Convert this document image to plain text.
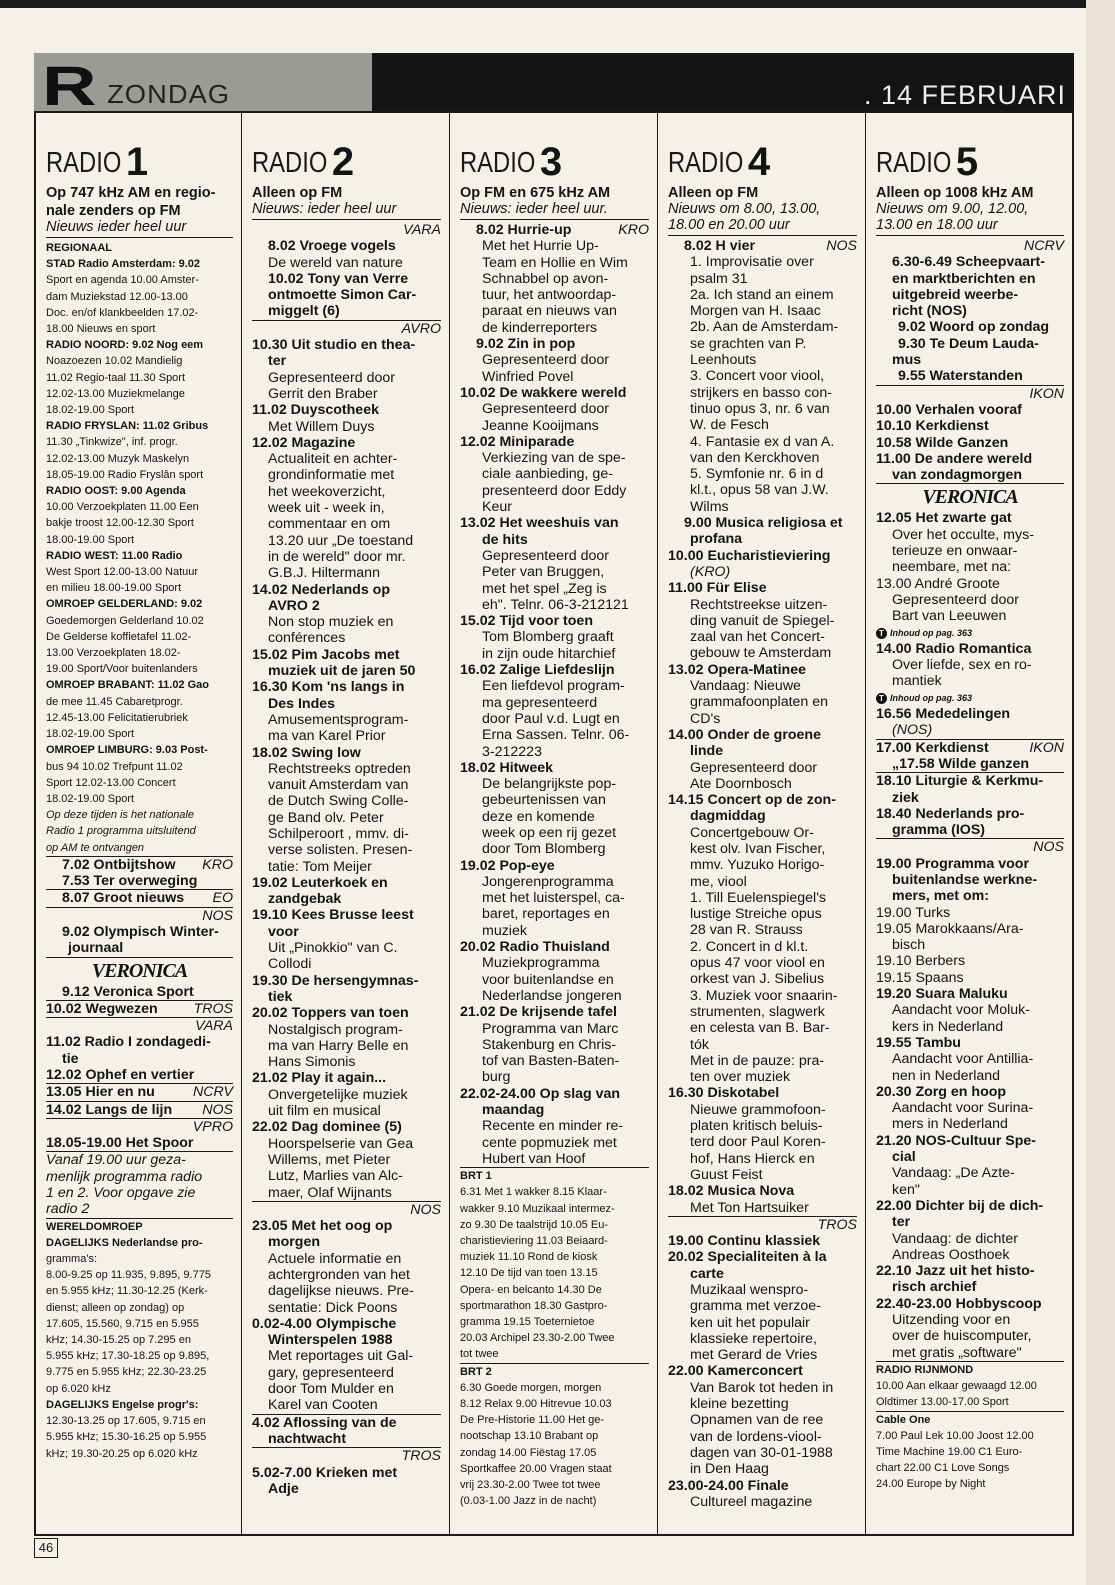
R ZONDAG	. 14 FEBRUARI
RADIO 1
Op 747 kHz AM en regio-
nale zenders op FM
Nieuws ieder heel uur
REGIONAAL
STAD Radio Amsterdam: 9.02
Sport en agenda 10.00 Amster-
dam Muziekstad 12.00-13.00
Doc. en/of klankbeelden 17.02-
18.00 Nieuws en sport
RADIO NOORD: 9.02 Nog eem
Noazoezen 10.02 Mandielig
11.02 Regio-taal 11.30 Sport
12.02-13.00 Muziekmelange
18.02-19.00 Sport
RADIO FRYSLAN: 11.02 Gribus
11.30 „Tinkwize", inf. progr.
12.02-13.00 Muzyk Maskelyn
18.05-19.00 Radio Fryslân sport
RADIO OOST: 9.00 Agenda
10.00 Verzoekplaten 11.00 Een
bakje troost 12.00-12.30 Sport
18.00-19.00 Sport
RADIO WEST: 11.00 Radio
West Sport 12.00-13.00 Natuur
en milieu 18.00-19.00 Sport
OMROEP GELDERLAND: 9.02
Goedemorgen Gelderland 10.02
De Gelderse koffietafel 11.02-
13.00 Verzoekplaten 18.02-
19.00 Sport/Voor buitenlanders
OMROEP BRABANT: 11.02 Gao
de mee 11.45 Cabaretprogr.
12.45-13.00 Felicitatierubriek
18.02-19.00 Sport
OMROEP LIMBURG: 9.03 Post-
bus 94 10.02 Trefpunt 11.02
Sport 12.02-13.00 Concert
18.02-19.00 Sport
Op deze tijden is het nationale
Radio 1 programma uitsluitend
op AM te ontvangen
7.02 Ontbijtshow KRO
7.53 Ter overweging
8.07 Groot nieuws EO
NOS
9.02 Olympisch Winter-
journaal
VERONICA
9.12 Veronica Sport
10.02 Wegwezen	TROS
VARA
11.02 Radio I zondagedi-
tie
12.02 Ophef en vertier
13.05 Hier en nu	NCRV
14.02 Langs de lijn NOS
VPRO
18.05-19.00 Het Spoor
Vanaf 19.00 uur geza-
menlijk programma radio
1 en 2. Voor opgave zie
radio 2
WERELDOMROEP
DAGELIJKS Nederlandse pro-
gramma's:
8.00-9.25 op 11.935, 9.895, 9.775
en 5.955 kHz; 11.30-12.25 (Kerk-
dienst; alleen op zondag) op
17.605, 15.560, 9.715 en 5.955
kHz; 14.30-15.25 op 7.295 en
5.955 kHz; 17.30-18.25 op 9.895,
9.775 en 5.955 kHz; 22.30-23.25
op 6.020 kHz
DAGELIJKS Engelse progr's:
12.30-13.25 op 17.605, 9.715 en
5.955 kHz; 15.30-16.25 op 5.955
kHz; 19.30-20.25 op 6.020 kHz
RADIO 2
Alleen op FM
Nieuws: ieder heel uur
VARA
8.02 Vroege vogels
De wereld van nature
10.02 Tony van Verre
ontmoette Simon Car-
miggelt (6)
AVRO
10.30 Uit studio en thea-
ter
Gepresenteerd door
Gerrit den Braber
11.02 Duyscotheek
Met Willem Duys
12.02 Magazine
Actualiteit en achter-
grondinformatie met
het weekoverzicht,
week uit - week in,
commentaar en om
13.20 uur „De toestand
in de wereld" door mr.
G.B.J. Hiltermann
14.02 Nederlands op
AVRO 2
Non stop muziek en
conférences
15.02 Pim Jacobs met
muziek uit de jaren 50
16.30 Kom 'ns langs in
Des Indes
Amusementsprogram-
ma van Karel Prior
18.02 Swing low
Rechtstreeks optreden
vanuit Amsterdam van
de Dutch Swing Colle-
ge Band olv. Peter
Schilperoort , mmv. di-
verse solisten. Presen-
tatie: Tom Meijer
19.02 Leuterkoek en
zandgebak
19.10 Kees Brusse leest
voor
Uit „Pinokkio" van C.
Collodi
19.30 De hersengymnas-
tiek
20.02 Toppers van toen
Nostalgisch program-
ma van Harry Belle en
Hans Simonis
21.02 Play it again...
Onvergetelijke muziek
uit film en musical
22.02 Dag dominee (5)
Hoorspelserie van Gea
Willems, met Pieter
Lutz, Marlies van Alc-
maer, Olaf Wijnants
NOS
23.05 Met het oog op
morgen
Actuele informatie en
achtergronden van het
dagelijkse nieuws. Pre-
sentatie: Dick Poons
0.02-4.00 Olympische
Winterspelen 1988
Met reportages uit Gal-
gary, gepresenteerd
door Tom Mulder en
Karel van Cooten
4.02 Aflossing van de
nachtwacht
TROS
5.02-7.00 Krieken met
Adje
RADIO 3
Op FM en 675 kHz AM
Nieuws: ieder heel uur.
8.02 Hurrie-up	KRO
Met het Hurrie Up-
Team en Hollie en Wim
Schnabbel op avon-
tuur, het antwoordap-
paraat en nieuws van
de kinderreporters
9.02 Zin in pop
Gepresenteerd door
Winfried Povel
10.02 De wakkere wereld
Gepresenteerd door
Jeanne Kooijmans
12.02 Miniparade
Verkiezing van de spe-
ciale aanbieding, ge-
presenteerd door Eddy
Keur
13.02 Het weeshuis van
de hits
Gepresenteerd door
Peter van Bruggen,
met het spel „Zeg is
eh". Telnr. 06-3-212121
15.02 Tijd voor toen
Tom Blomberg graaft
in zijn oude hitarchief
16.02 Zalige Liefdeslijn
Een liefdevol program-
ma gepresenteerd
door Paul v.d. Lugt en
Erna Sassen. Telnr. 06-
3-212223
18.02 Hitweek
De belangrijkste pop-
gebeurtenissen van
deze en komende
week op een rij gezet
door Tom Blomberg
19.02 Pop-eye
Jongerenprogramma
met het luisterspel, ca-
baret, reportages en
muziek
20.02 Radio Thuisland
Muziekprogramma
voor buitenlandse en
Nederlandse jongeren
21.02 De krijsende tafel
Programma van Marc
Stakenburg en Chris-
tof van Basten-Baten-
burg
22.02-24.00 Op slag van
maandag
Recente en minder re-
cente popmuziek met
Hubert van Hoof
BRT 1
6.31 Met 1 wakker 8.15 Klaar-
wakker 9.10 Muzikaal intermez-
zo 9.30 De taalstrijd 10.05 Eu-
charistieviering 11.03 Beiaard-
muziek 11.10 Rond de kiosk
12.10 De tijd van toen 13.15
Opera- en belcanto 14.30 De
sportmarathon 18.30 Gastpro-
gramma 19.15 Toeternietoe
20.03 Archipel 23.30-2.00 Twee
tot twee
BRT 2
6.30 Goede morgen, morgen
8.12 Relax 9.00 Hitrevue 10.03
De Pre-Historie 11.00 Het ge-
nootschap 13.10 Brabant op
zondag 14.00 Fiëstag 17.05
Sportkaffee 20.00 Vragen staat
vrij 23.30-2.00 Twee tot twee
(0.03-1.00 Jazz in de nacht)
RADIO 4
Alleen op FM
Nieuws om 8.00, 13.00,
18.00 en 20.00 uur
8.02 H vier	NOS
1. Improvisatie over
psalm 31
2a. Ich stand an einem
Morgen van H. Isaac
2b. Aan de Amsterdam-
se grachten van P.
Leenhouts
3. Concert voor viool,
strijkers en basso con-
tinuo opus 3, nr. 6 van
W. de Fesch
4. Fantasie ex d van A.
van den Kerckhoven
5. Symfonie nr. 6 in d
kl.t., opus 58 van J.W.
Wilms
9.00 Musica religiosa et
profana
10.00 Eucharistieviering
(KRO)
11.00 Für Elise
Rechtstreekse uitzen-
ding vanuit de Spiegel-
zaal van het Concert-
gebouw te Amsterdam
13.02 Opera-Matinee
Vandaag: Nieuwe
grammafoonplaten en
CD's
14.00 Onder de groene
linde
Gepresenteerd door
Ate Doornbosch
14.15 Concert op de zon-
dagmiddag
Concertgebouw Or-
kest olv. Ivan Fischer,
mmv. Yuzuko Horigo-
me, viool
1. Till Euelenspiegel's
lustige Streiche opus
28 van R. Strauss
2. Concert in d kl.t.
opus 47 voor viool en
orkest van J. Sibelius
3. Muziek voor snaarin-
strumenten, slagwerk
en celesta van B. Bar-
tók
Met in de pauze: pra-
ten over muziek
16.30 Diskotabel
Nieuwe grammofoon-
platen kritisch beluis-
terd door Paul Koren-
hof, Hans Hierck en
Guust Feist
18.02 Musica Nova
Met Ton Hartsuiker
TROS
19.00 Continu klassiek
20.02 Specialiteiten à la
carte
Muzikaal wenspro-
gramma met verzoe-
ken uit het populair
klassieke repertoire,
met Gerard de Vries
22.00 Kamerconcert
Van Barok tot heden in
kleine bezetting
Opnamen van de ree
van de lordens-viool-
dagen van 30-01-1988
in Den Haag
23.00-24.00 Finale
Cultureel magazine
RADIO 5
Alleen op 1008 kHz AM
Nieuws om 9.00, 12.00,
13.00 en 18.00 uur
NCRV
6.30-6.49 Scheepvaart-
en marktberichten en
uitgebreid weerbe-
richt (NOS)
9.02 Woord op zondag
9.30 Te Deum Lauda-
mus
9.55 Waterstanden
IKON
10.00 Verhalen vooraf
10.10 Kerkdienst
10.58 Wilde Ganzen
11.00 De andere wereld
van zondagmorgen
VERONICA
12.05 Het zwarte gat
Over het occulte, mys-
terieuze en onwaar-
neembare, met na:
13.00 André Groote
Gepresenteerd door
Bart van Leeuwen
T Inhoud op pag. 363
14.00 Radio Romantica
Over liefde, sex en ro-
mantiek
T Inhoud op pag. 363
16.56 Mededelingen
(NOS)
17.00 Kerkdienst	IKON
„17.58 Wilde ganzen
18.10 Liturgie & Kerkmu-
ziek
18.40 Nederlands pro-
gramma (IOS)
NOS
19.00 Programma voor
buitenlandse werkne-
mers, met om:
19.00 Turks
19.05 Marokkaans/Ara-
bisch
19.10 Berbers
19.15 Spaans
19.20 Suara Maluku
Aandacht voor Moluk-
kers in Nederland
19.55 Tambu
Aandacht voor Antillia-
nen in Nederland
20.30 Zorg en hoop
Aandacht voor Surina-
mers in Nederland
21.20 NOS-Cultuur Spe-
cial
Vandaag: „De Azte-
ken"
22.00 Dichter bij de dich-
ter
Vandaag: de dichter
Andreas Oosthoek
22.10 Jazz uit het histo-
risch archief
22.40-23.00 Hobbyscoop
Uitzending voor en
over de huiscomputer,
met gratis „software"
RADIO RIJNMOND
10.00 Aan elkaar gewaagd 12.00
Oldtimer 13.00-17.00 Sport
Cable One
7.00 Paul Lek 10.00 Joost 12.00
Time Machine 19.00 C1 Euro-
chart 22.00 C1 Love Songs
24.00 Europe by Night
46
